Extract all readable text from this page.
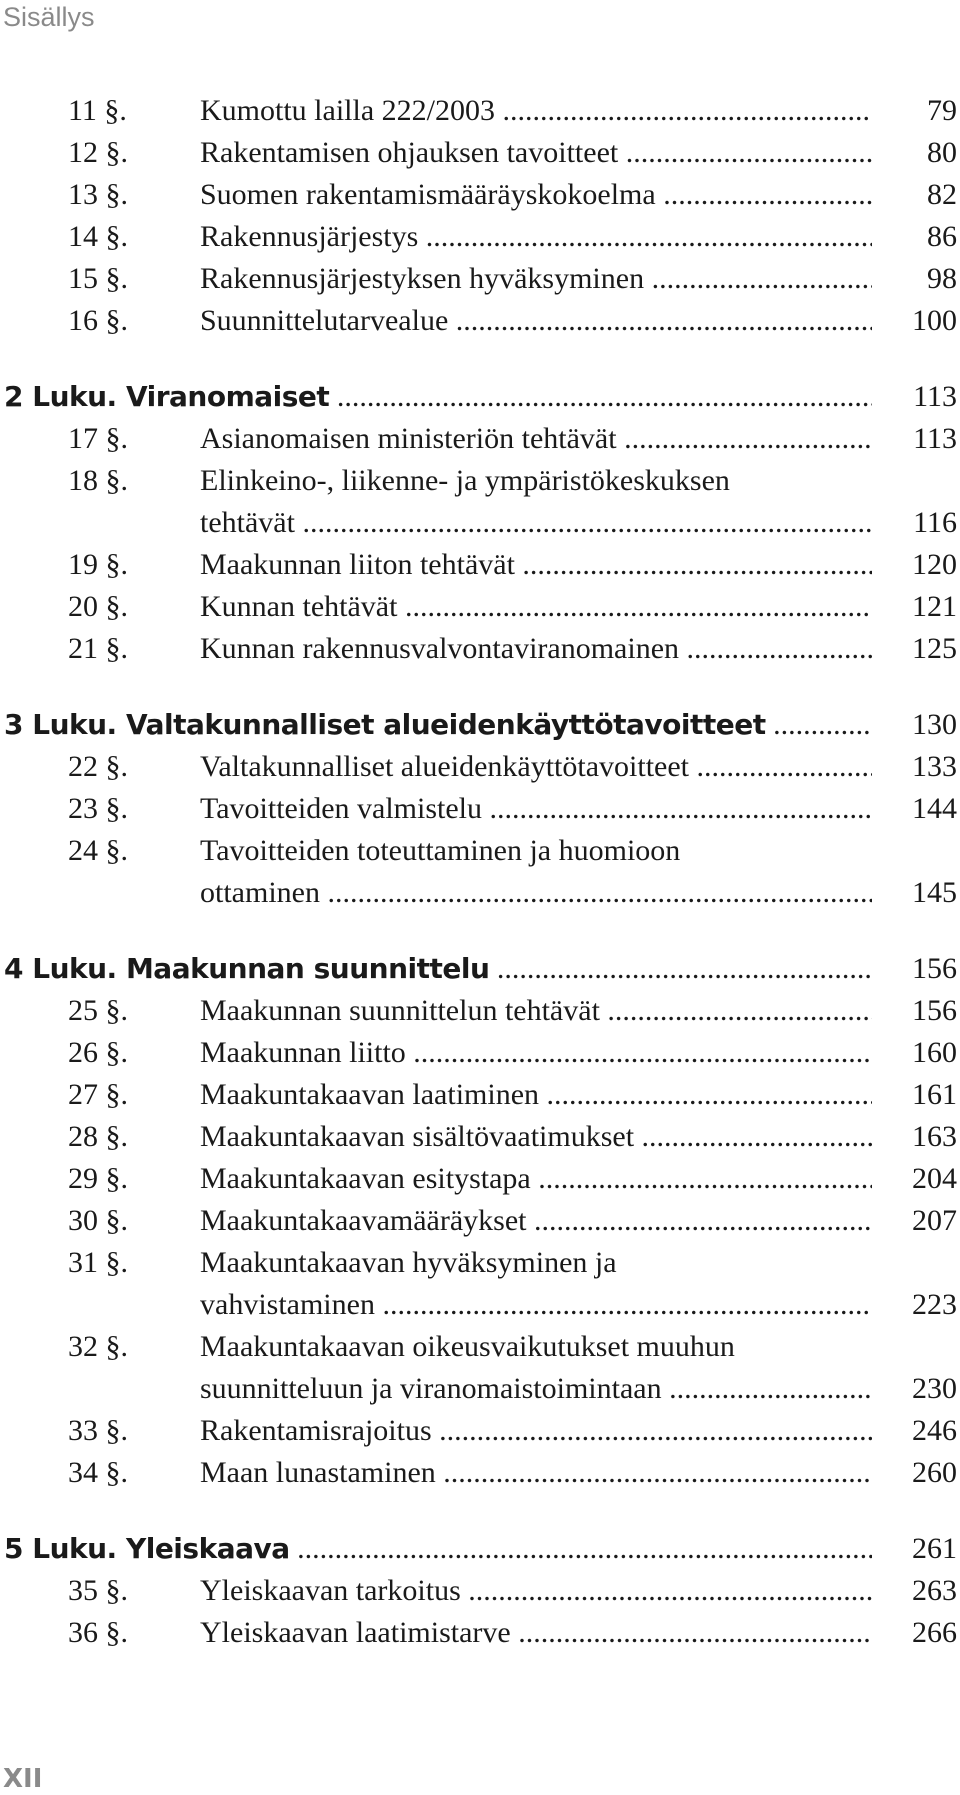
Sisällys
11 §.	Kumottu lailla 222/2003 .....	79
12 §.	Rakentamisen ohjauksen tavoitteet .....	80
13 §.	Suomen rakentamismääräyskokoelma .....	82
14 §.	Rakennusjärjestys .....	86
15 §.	Rakennusjärjestyksen hyväksyminen .....	98
16 §.	Suunnittelutarvealue .....	100
2 Luku. Viranomaiset .....	113
17 §.	Asianomaisen ministeriön tehtävät .....	113
18 §.	Elinkeino-, liikenne- ja ympäristökeskuksen
tehtävät .....	116
19 §.	Maakunnan liiton tehtävät .....	120
20 §.	Kunnan tehtävät .....	121
21 §.	Kunnan rakennusvalvontaviranomainen .....	125
3 Luku. Valtakunnalliset alueidenkäyttötavoitteet .....	130
22 §.	Valtakunnalliset alueidenkäyttötavoitteet .....	133
23 §.	Tavoitteiden valmistelu .....	144
24 §.	Tavoitteiden toteuttaminen ja huomioon
ottaminen .....	145
4 Luku. Maakunnan suunnittelu .....	156
25 §.	Maakunnan suunnittelun tehtävät .....	156
26 §.	Maakunnan liitto .....	160
27 §.	Maakuntakaavan laatiminen .....	161
28 §.	Maakuntakaavan sisältövaatimukset .....	163
29 §.	Maakuntakaavan esitystapa .....	204
30 §.	Maakuntakaavamääräykset .....	207
31 §.	Maakuntakaavan hyväksyminen ja
vahvistaminen .....	223
32 §.	Maakuntakaavan oikeusvaikutukset muuhun
suunnitteluun ja viranomaistoimintaan .....	230
33 §.	Rakentamisrajoitus .....	246
34 §.	Maan lunastaminen .....	260
5 Luku. Yleiskaava .....	261
35 §.	Yleiskaavan tarkoitus .....	263
36 §.	Yleiskaavan laatimistarve .....	266
XII
